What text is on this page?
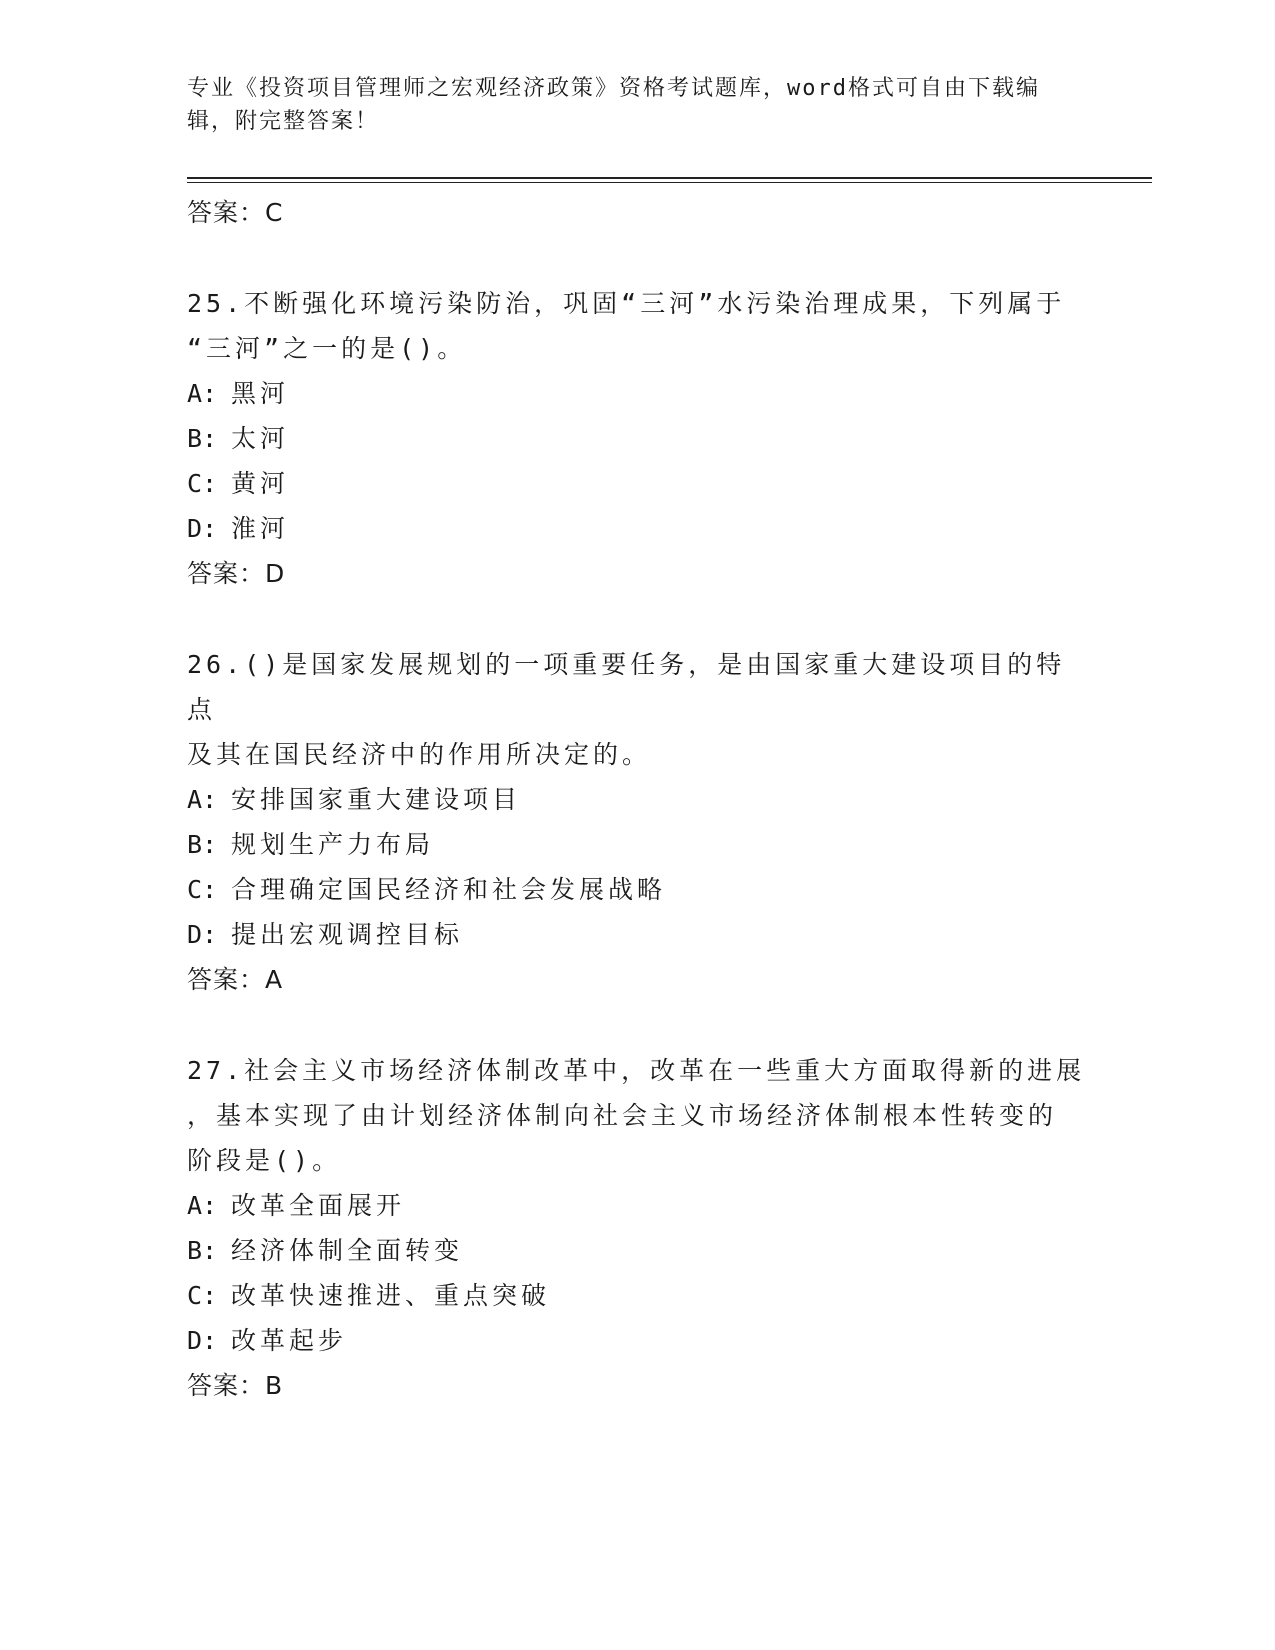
专业《投资项目管理师之宏观经济政策》资格考试题库，word格式可自由下载编
辑，附完整答案！
答案：C
25.不断强化环境污染防治，巩固“三河”水污染治理成果，下列属于
“三河”之一的是()。
A: 黑河
B: 太河
C: 黄河
D: 淮河
答案：D
26.()是国家发展规划的一项重要任务，是由国家重大建设项目的特点
及其在国民经济中的作用所决定的。
A: 安排国家重大建设项目
B: 规划生产力布局
C: 合理确定国民经济和社会发展战略
D: 提出宏观调控目标
答案：A
27.社会主义市场经济体制改革中，改革在一些重大方面取得新的进展
，基本实现了由计划经济体制向社会主义市场经济体制根本性转变的
阶段是()。
A: 改革全面展开
B: 经济体制全面转变
C: 改革快速推进、重点突破
D: 改革起步
答案：B
